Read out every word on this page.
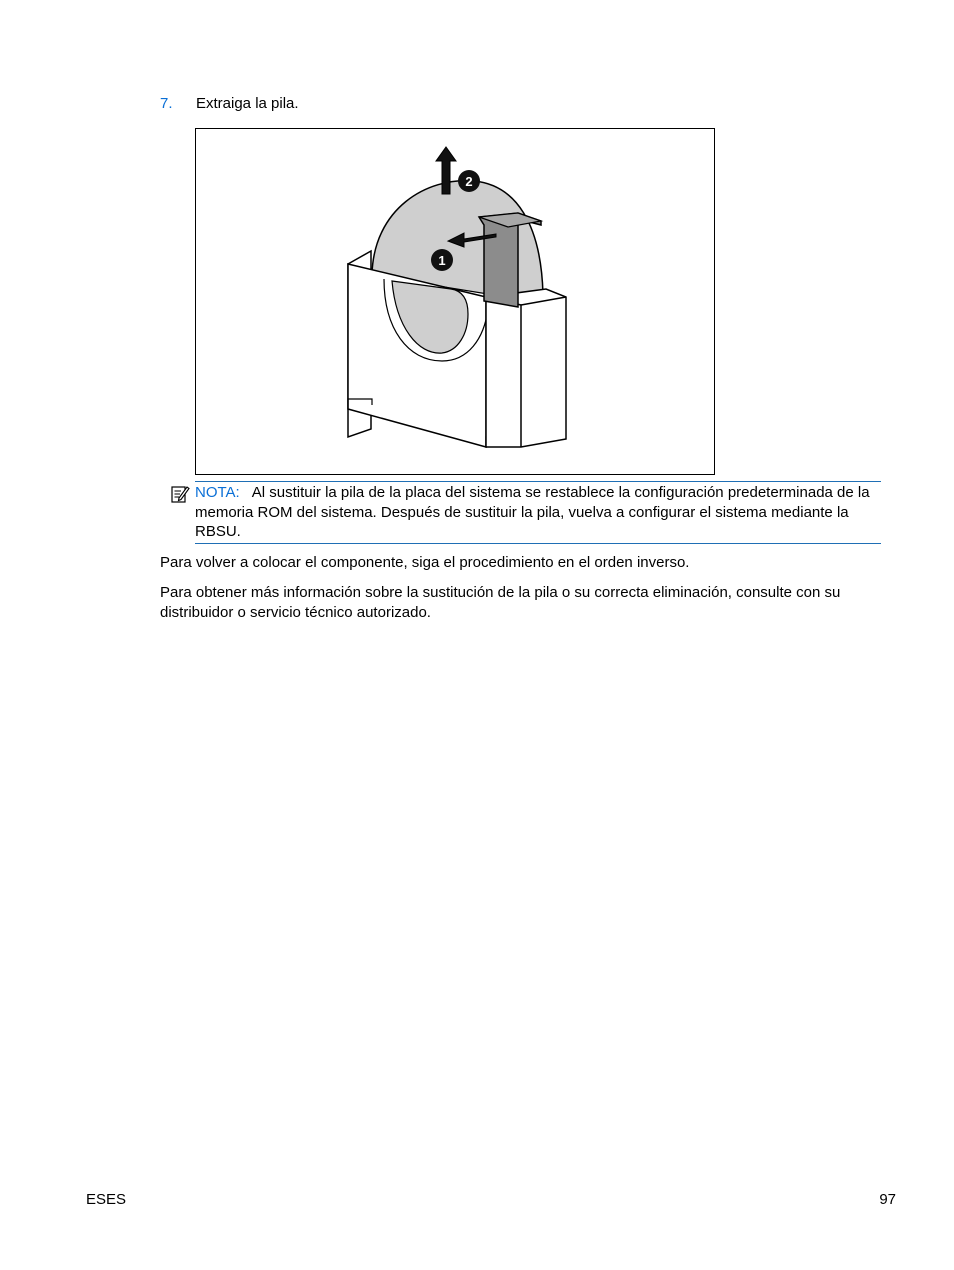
7. Extraiga la pila.
1
2
NOTA: Al sustituir la pila de la placa del sistema se restablece la configuración predeterminada de la memoria ROM del sistema. Después de sustituir la pila, vuelva a configurar el sistema mediante la RBSU.

Para volver a colocar el componente, siga el procedimiento en el orden inverso.

Para obtener más información sobre la sustitución de la pila o su correcta eliminación, consulte con su distribuidor o servicio técnico autorizado.

ESES	97
